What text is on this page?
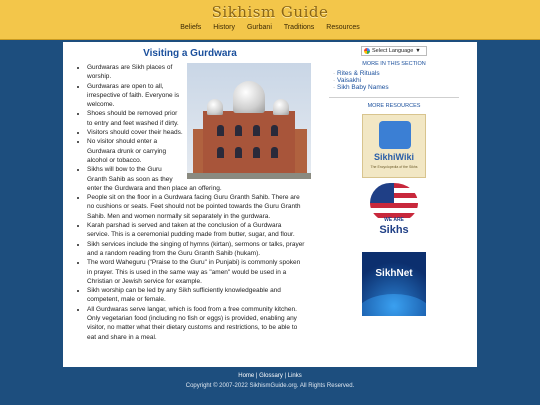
Sikhism Guide
Beliefs History Gurbani Traditions Resources
Visiting a Gurdwara
• Gurdwaras are Sikh places of worship.
• Gurdwaras are open to all, irrespective of faith. Everyone is welcome.
• Shoes should be removed prior to entry and feet washed if dirty.
• Visitors should cover their heads.
• No visitor should enter a Gurdwara drunk or carrying alcohol or tobacco.
• Sikhs will bow to the Guru Granth Sahib as soon as they enter the Gurdwara and then place an offering.
• People sit on the floor in a Gurdwara facing Guru Granth Sahib. There are no cushions or seats. Feet should not be pointed towards the Guru Granth Sahib. Men and women normally sit separately in the gurdwara.
• Karah parshad is served and taken at the conclusion of a Gurdwara service. This is a ceremonial pudding made from butter, sugar, and flour.
• Sikh services include the singing of hymns (kirtan), sermons or talks, prayer and a random reading from the Guru Granth Sahib (hukam).
• The word Waheguru ("Praise to the Guru" in Punjabi) is commonly spoken in prayer. This is used in the same way as "amen" would be used in a Christian or Jewish service for example.
• Sikh worship can be led by any Sikh sufficiently knowledgeable and competent, male or female.
• All Gurdwaras serve langar, which is food from a free community kitchen. Only vegetarian food (including no fish or eggs) is provided, enabling any visitor, no matter what their dietary customs and restrictions, to be able to eat and share in a meal.
Select Language ▼
MORE IN THIS SECTION
· Rites & Rituals
· Vaisakhi
· Sikh Baby Names
MORE RESOURCES
SikhiWiki
The Encyclopedia of the Sikhs
WE ARE
Sikhs
SikhNet
Home | Glossary | Links
Copyright © 2007-2022 SikhismGuide.org. All Rights Reserved.
